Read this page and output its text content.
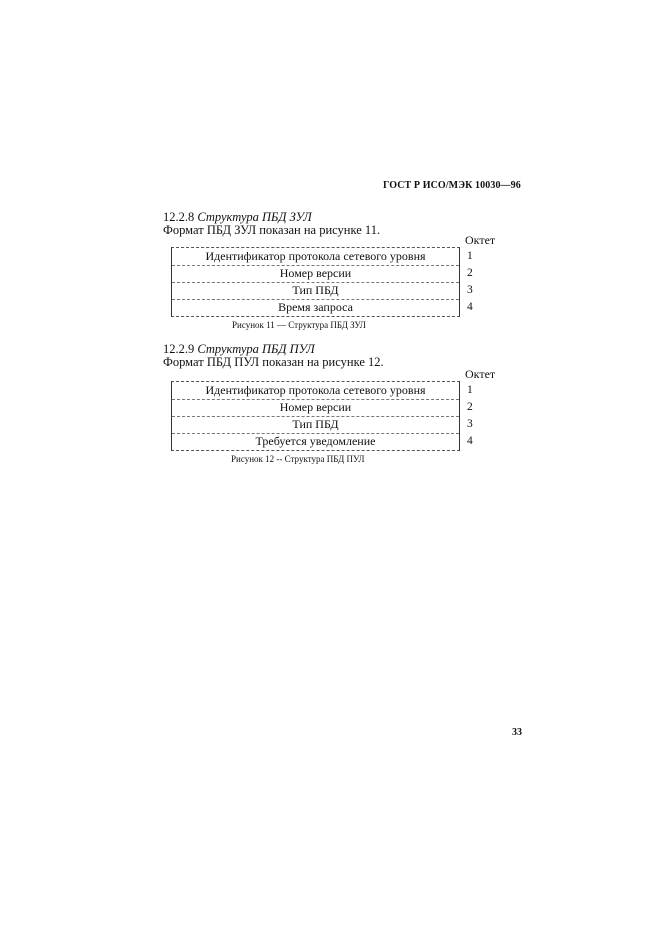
ГОСТ Р ИСО/МЭК 10030—96
12.2.8 Структура ПБД ЗУЛ
Формат ПБД ЗУЛ показан на рисунке 11.
Октет
Идентификатор протокола сетевого уровня
Номер версии
Тип ПБД
Время запроса
1
2
3
4
Рисунок 11 — Структура ПБД ЗУЛ
12.2.9 Структура ПБД ПУЛ
Формат ПБД ПУЛ показан на рисунке 12.
Октет
Идентификатор протокола сетевого уровня
Номер версии
Тип ПБД
Требуется уведомление
1
2
3
4
Рисунок 12 -- Структура ПБД ПУЛ
33
